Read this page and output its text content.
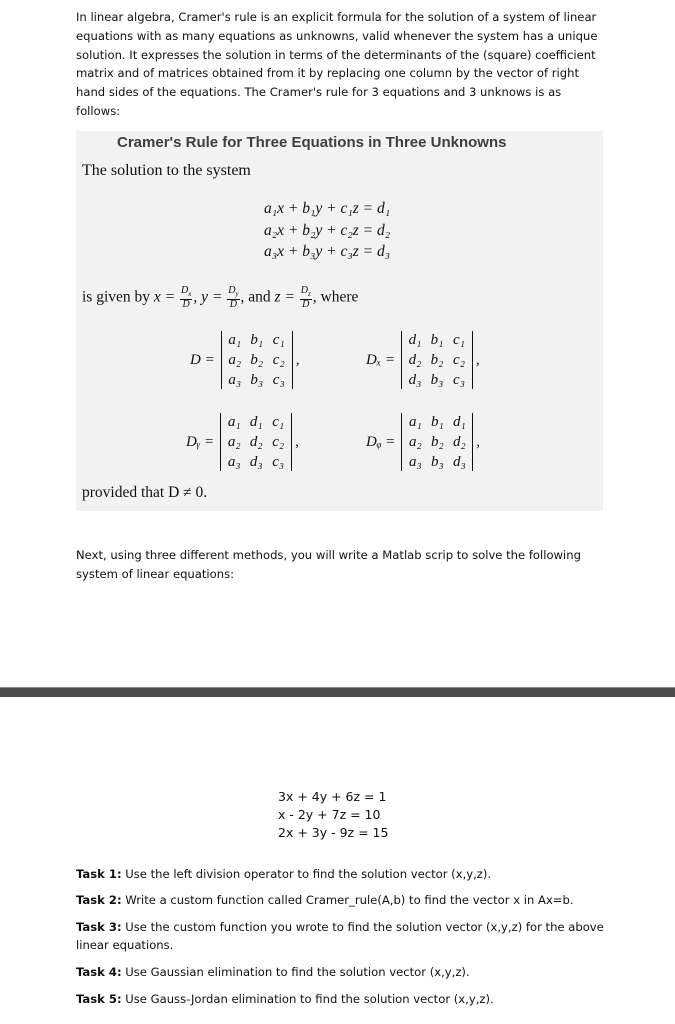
In linear algebra, Cramer's rule is an explicit formula for the solution of a system of linear equations with as many equations as unknowns, valid whenever the system has a unique solution. It expresses the solution in terms of the determinants of the (square) coefficient matrix and of matrices obtained from it by replacing one column by the vector of right hand sides of the equations. The Cramer's rule for 3 equations and 3 unknows is as follows:
Cramer's Rule for Three Equations in Three Unknowns
The solution to the system
a₁x + b₁y + c₁z = d₁
a₂x + b₂y + c₂z = d₂
a₃x + b₃y + c₃z = d₃
is given by $x = \frac{D_x}{D}$ , $y = \frac{D_y}{D}$ , and $z = \frac{D_z}{D}$ , where
D =
a₁ b₁ c₁
a₂ b₂ c₂
a₃ b₃ c₃
,	Dₓ =
d₁ b₁ c₁
d₂ b₂ c₂
d₃ b₃ c₃
,
Dᵧ =
a₁ d₁ c₁
a₂ d₂ c₂
a₃ d₃ c₃
,	Dᵩ =
a₁ b₁ d₁
a₂ b₂ d₂
a₃ b₃ d₃
,
provided that D ≠ 0.
Next, using three different methods, you will write a Matlab scrip to solve the following system of linear equations:
3x + 4y + 6z = 1
x - 2y + 7z = 10
2x + 3y - 9z = 15
Task 1: Use the left division operator to find the solution vector (x,y,z).
Task 2: Write a custom function called Cramer_rule(A,b) to find the vector x in Ax=b.
Task 3: Use the custom function you wrote to find the solution vector (x,y,z) for the above linear equations.
Task 4: Use Gaussian elimination to find the solution vector (x,y,z).
Task 5: Use Gauss-Jordan elimination to find the solution vector (x,y,z).
